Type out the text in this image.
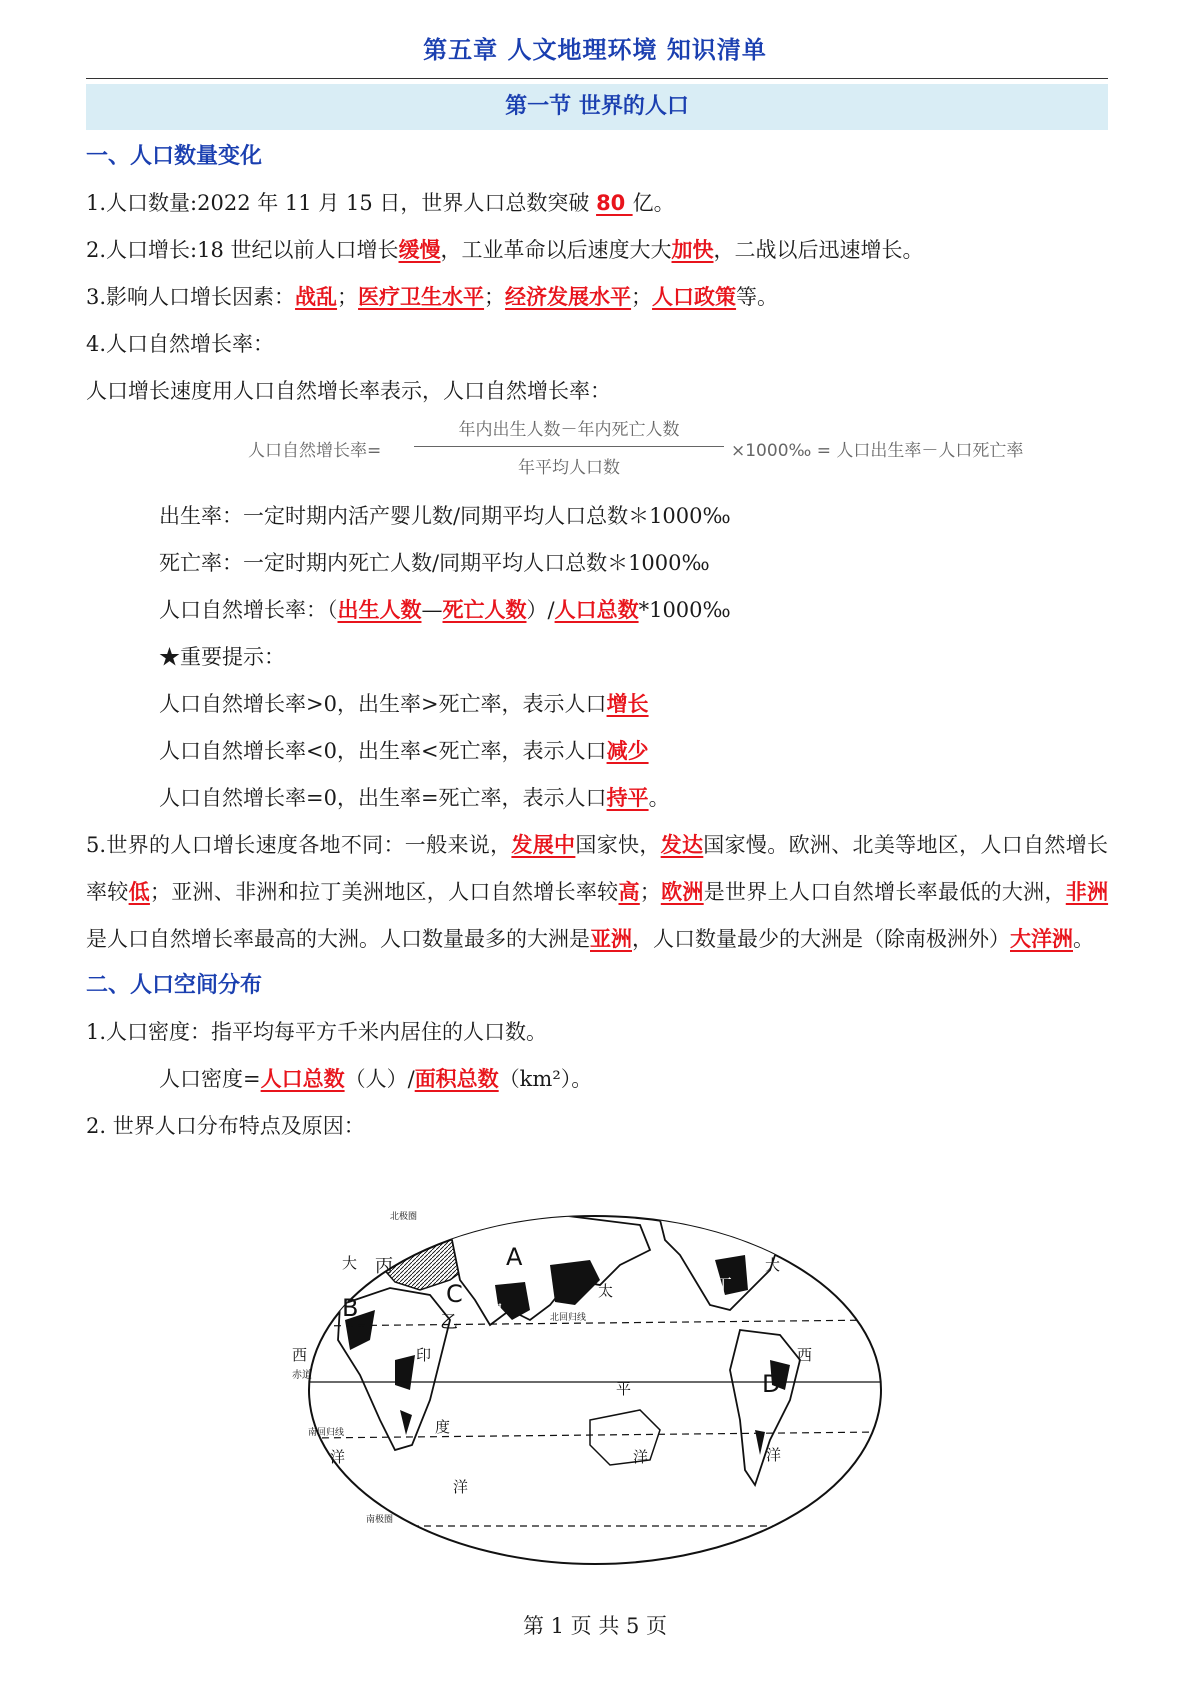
第五章 人文地理环境 知识清单
第一节 世界的人口
一、人口数量变化
1.人口数量:2022 年 11 月 15 日，世界人口总数突破 80 亿。
2.人口增长:18 世纪以前人口增长缓慢，工业革命以后速度大大加快，二战以后迅速增长。
3.影响人口增长因素：战乱；医疗卫生水平；经济发展水平；人口政策等。
4.人口自然增长率：
人口增长速度用人口自然增长率表示，人口自然增长率：
人口自然增长率=
年内出生人数－年内死亡人数
年平均人口数
×1000‰ = 人口出生率－人口死亡率
出生率：一定时期内活产婴儿数/同期平均人口总数＊1000‰
死亡率：一定时期内死亡人数/同期平均人口总数＊1000‰
人口自然增长率：（出生人数—死亡人数）/人口总数*1000‰
★重要提示：
人口自然增长率>0，出生率>死亡率，表示人口增长
人口自然增长率<0，出生率<死亡率，表示人口减少
人口自然增长率=0，出生率=死亡率，表示人口持平。
5.世界的人口增长速度各地不同：一般来说，发展中国家快，发达国家慢。欧洲、北美等地区，人口自然增长率较低；亚洲、非洲和拉丁美洲地区，人口自然增长率较高；欧洲是世界上人口自然增长率最低的大洲，非洲是人口自然增长率最高的大洲。人口数量最多的大洲是亚洲，人口数量最少的大洲是（除南极洲外）大洋洲。
二、人口空间分布
1.人口密度：指平均每平方千米内居住的人口数。
人口密度=人口总数（人）/面积总数（km²）。
2. 世界人口分布特点及原因：
A
B	C
D
丙
乙 甲
丁
大
西
洋
太
平
洋
印
度
洋
大
西
洋
北极圈
北回归线
赤道
南回归线
南极圈
第 1 页 共 5 页
